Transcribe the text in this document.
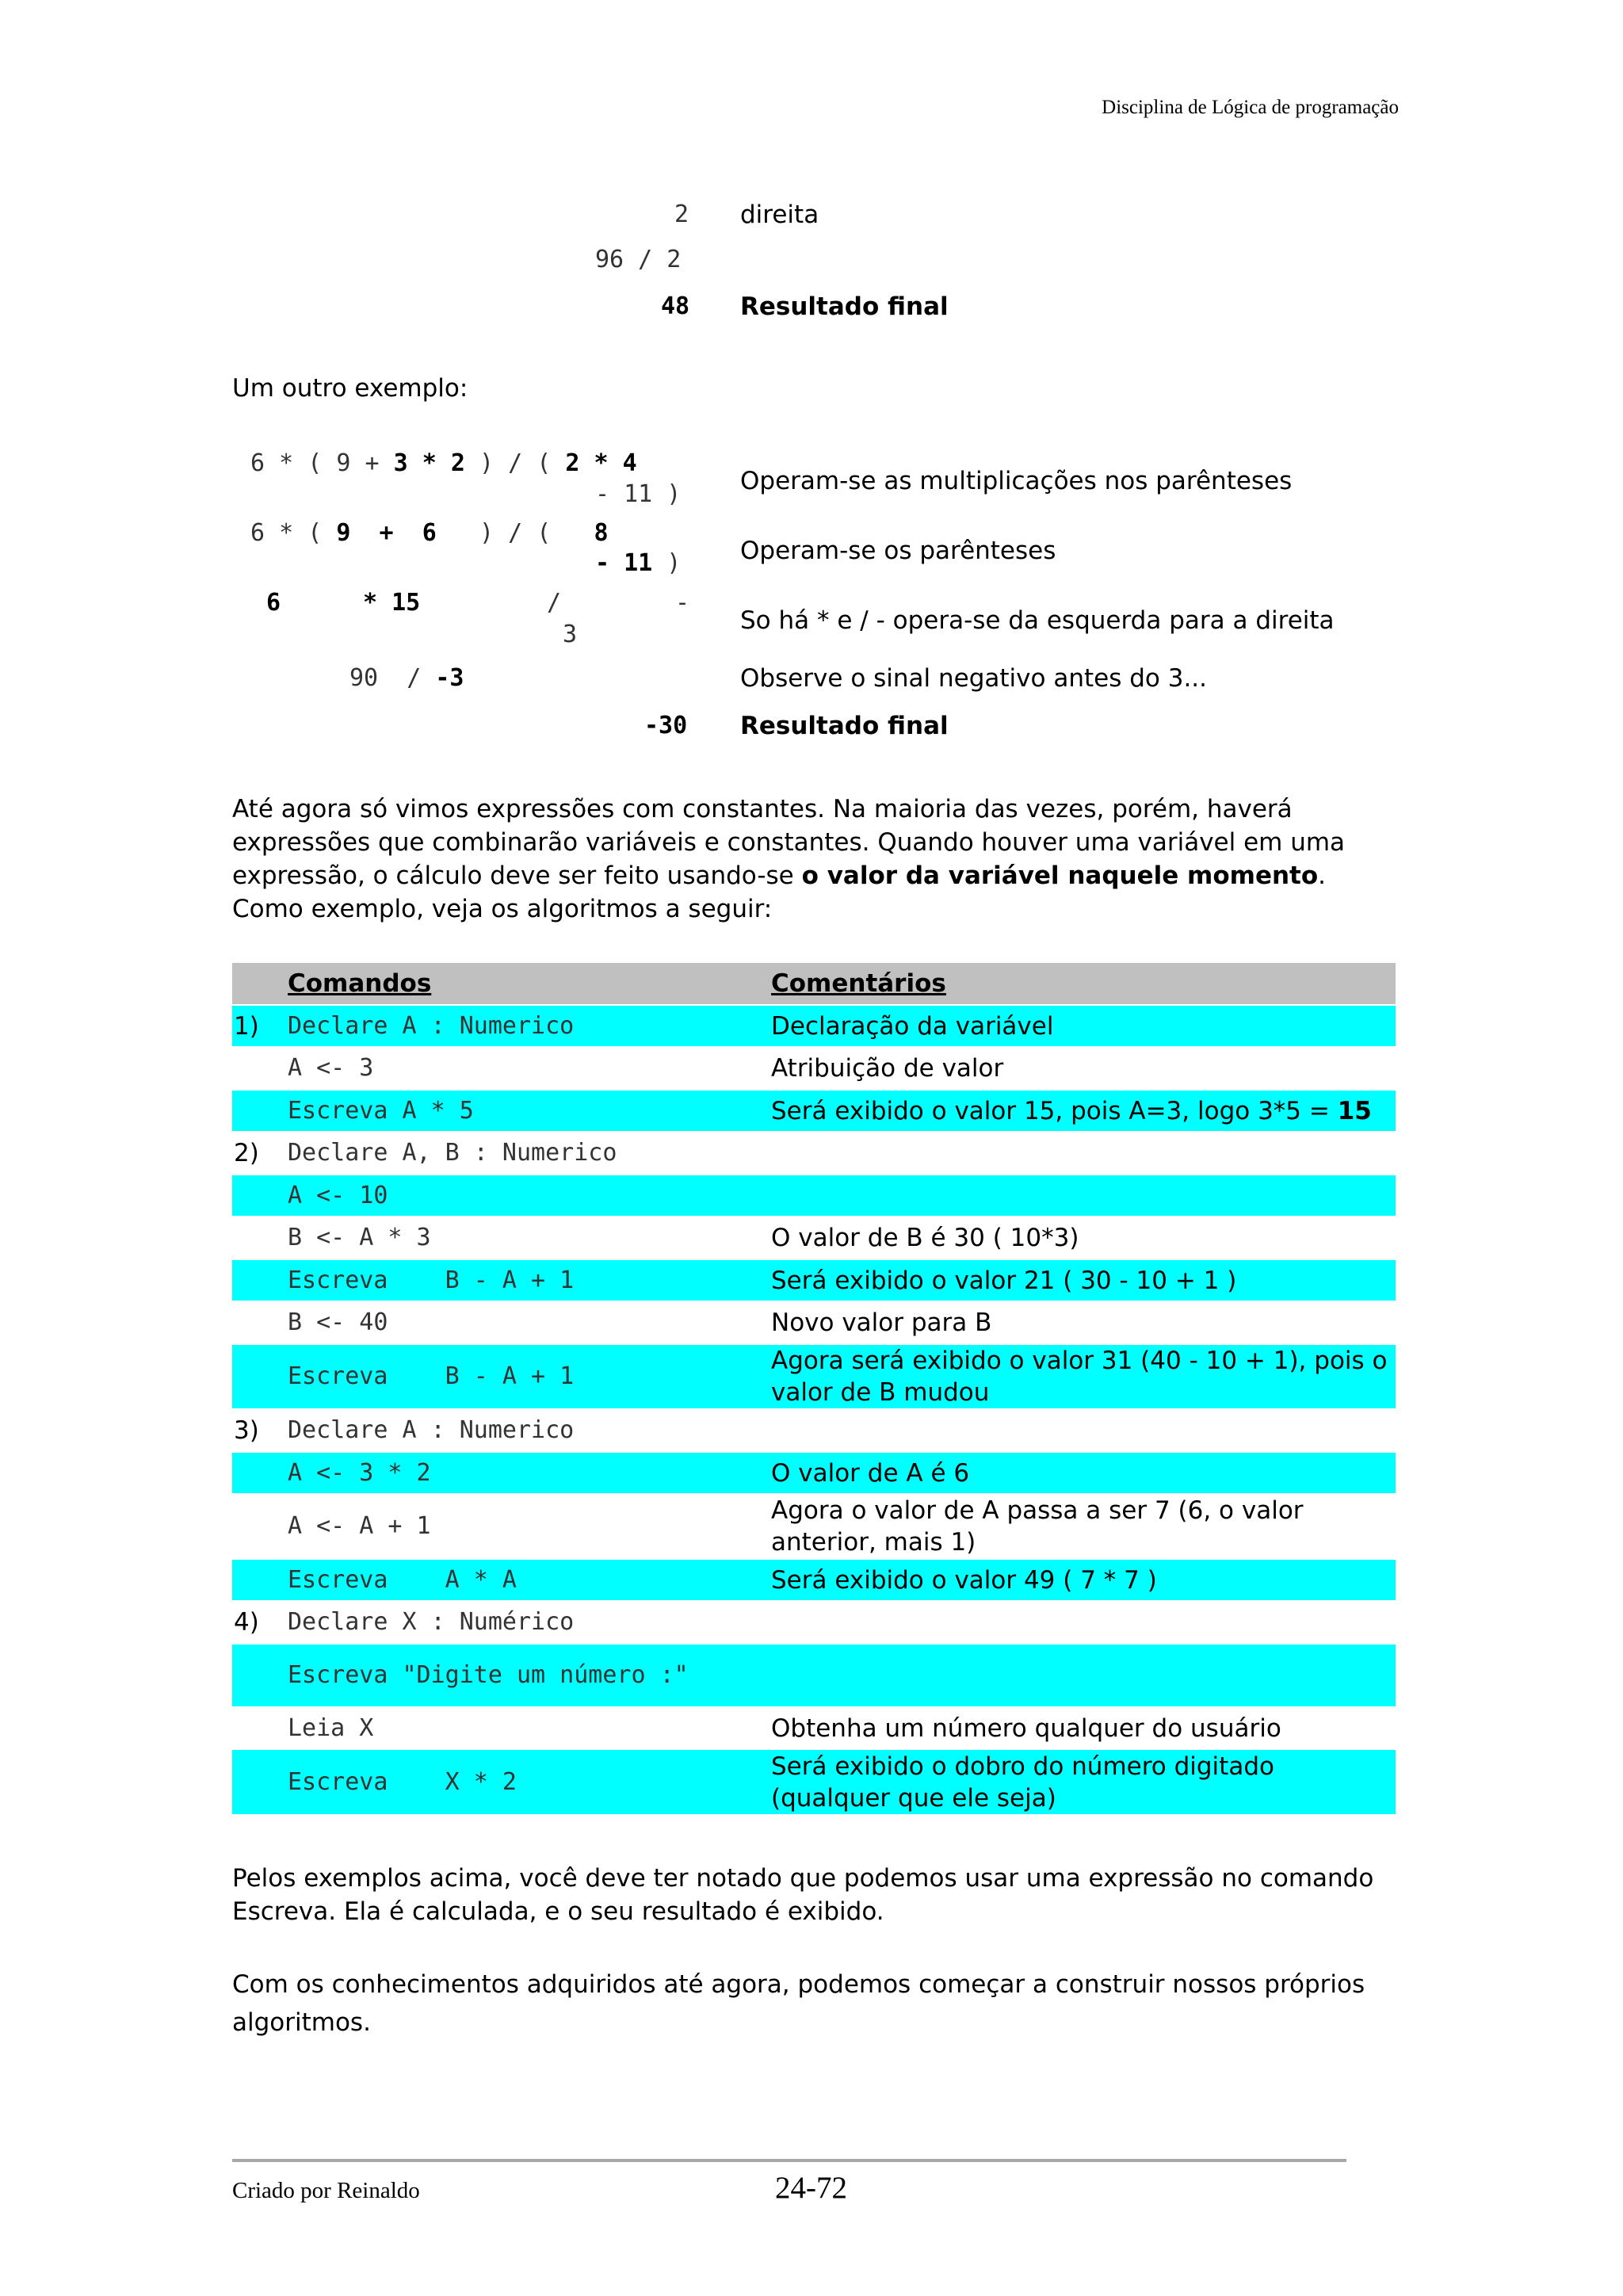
Disciplina de Lógica de programação
2 direita
96 / 2
48 Resultado final
Um outro exemplo:
6 * ( 9 + 3 * 2 ) / ( 2 * 4
- 11 ) Operam-se as multiplicações nos parênteses
6 * ( 9  +  6   ) / (   8
- 11 ) Operam-se os parênteses
6	* 15	/	-
3	So há * e / - opera-se da esquerda para a direita
90  / -3	Observe o sinal negativo antes do 3...
-30 Resultado final
Até agora só vimos expressões com constantes. Na maioria das vezes, porém, haverá expressões que combinarão variáveis e constantes. Quando houver uma variável em uma expressão, o cálculo deve ser feito usando-se o valor da variável naquele momento. Como exemplo, veja os algoritmos a seguir:
	Comandos	Comentários
1)	Declare A : Numerico	Declaração da variável
	A <- 3	Atribuição de valor
	Escreva A * 5	Será exibido o valor 15, pois A=3, logo 3*5 = 15
2)	Declare A, B : Numerico	
	A <- 10	
	B <- A * 3	O valor de B é 30 ( 10*3)
	Escreva    B - A + 1	Será exibido o valor 21 ( 30 - 10 + 1 )
	B <- 40	Novo valor para B
	Escreva    B - A + 1	Agora será exibido o valor 31 (40 - 10 + 1), pois o valor de B mudou
3)	Declare A : Numerico	
	A <- 3 * 2	O valor de A é 6
	A <- A + 1	Agora o valor de A passa a ser 7 (6, o valor anterior, mais 1)
	Escreva    A * A	Será exibido o valor 49 ( 7 * 7 )
4)	Declare X : Numérico	
	Escreva "Digite um número :"	
	Leia X	Obtenha um número qualquer do usuário
	Escreva    X * 2	Será exibido o dobro do número digitado (qualquer que ele seja)
Pelos exemplos acima, você deve ter notado que podemos usar uma expressão no comando Escreva. Ela é calculada, e o seu resultado é exibido.
Com os conhecimentos adquiridos até agora, podemos começar a construir nossos próprios algoritmos.
Criado por Reinaldo	24-72
